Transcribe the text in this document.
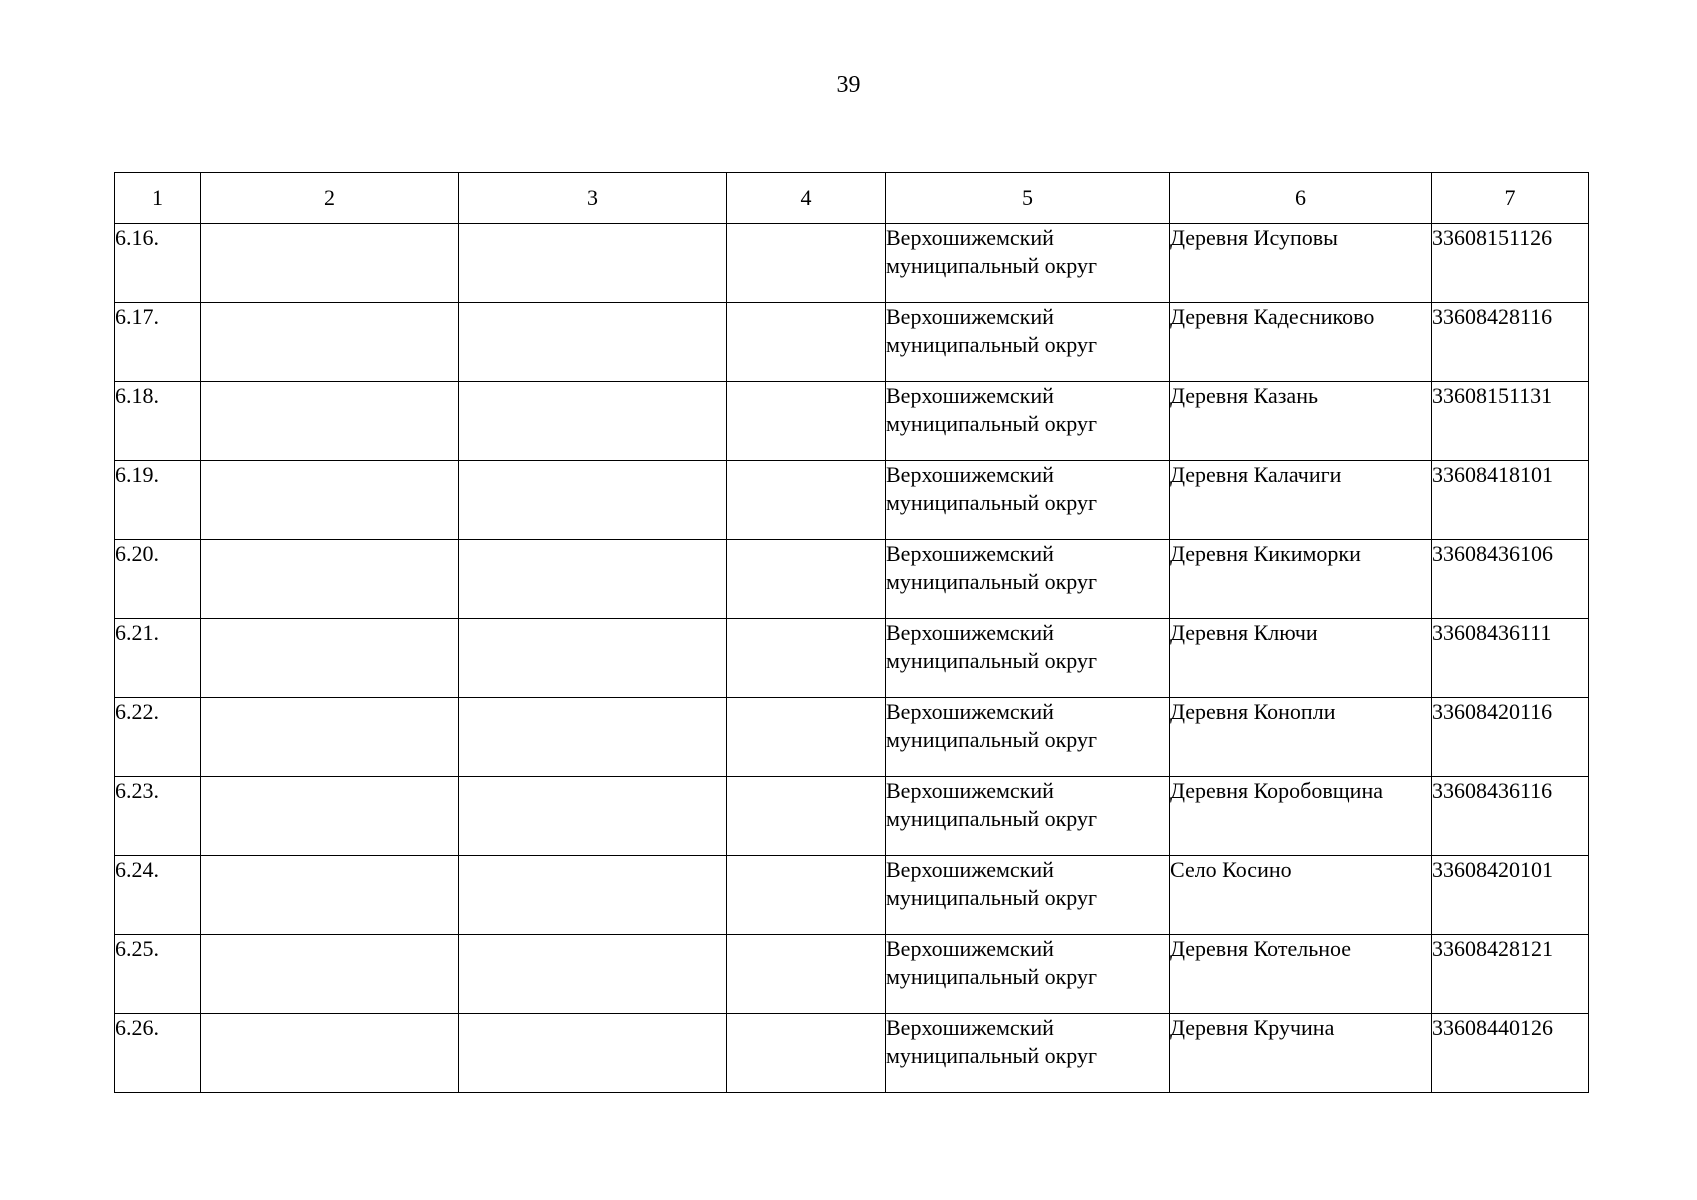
39
1	2	3	4	5	6	7
6.16.				Верхошижемский
муниципальный округ	Деревня Исуповы	33608151126
6.17.				Верхошижемский
муниципальный округ	Деревня Кадесниково	33608428116
6.18.				Верхошижемский
муниципальный округ	Деревня Казань	33608151131
6.19.				Верхошижемский
муниципальный округ	Деревня Калачиги	33608418101
6.20.				Верхошижемский
муниципальный округ	Деревня Кикиморки	33608436106
6.21.				Верхошижемский
муниципальный округ	Деревня Ключи	33608436111
6.22.				Верхошижемский
муниципальный округ	Деревня Конопли	33608420116
6.23.				Верхошижемский
муниципальный округ	Деревня Коробовщина	33608436116
6.24.				Верхошижемский
муниципальный округ	Село Косино	33608420101
6.25.				Верхошижемский
муниципальный округ	Деревня Котельное	33608428121
6.26.				Верхошижемский
муниципальный округ	Деревня Кручина	33608440126
